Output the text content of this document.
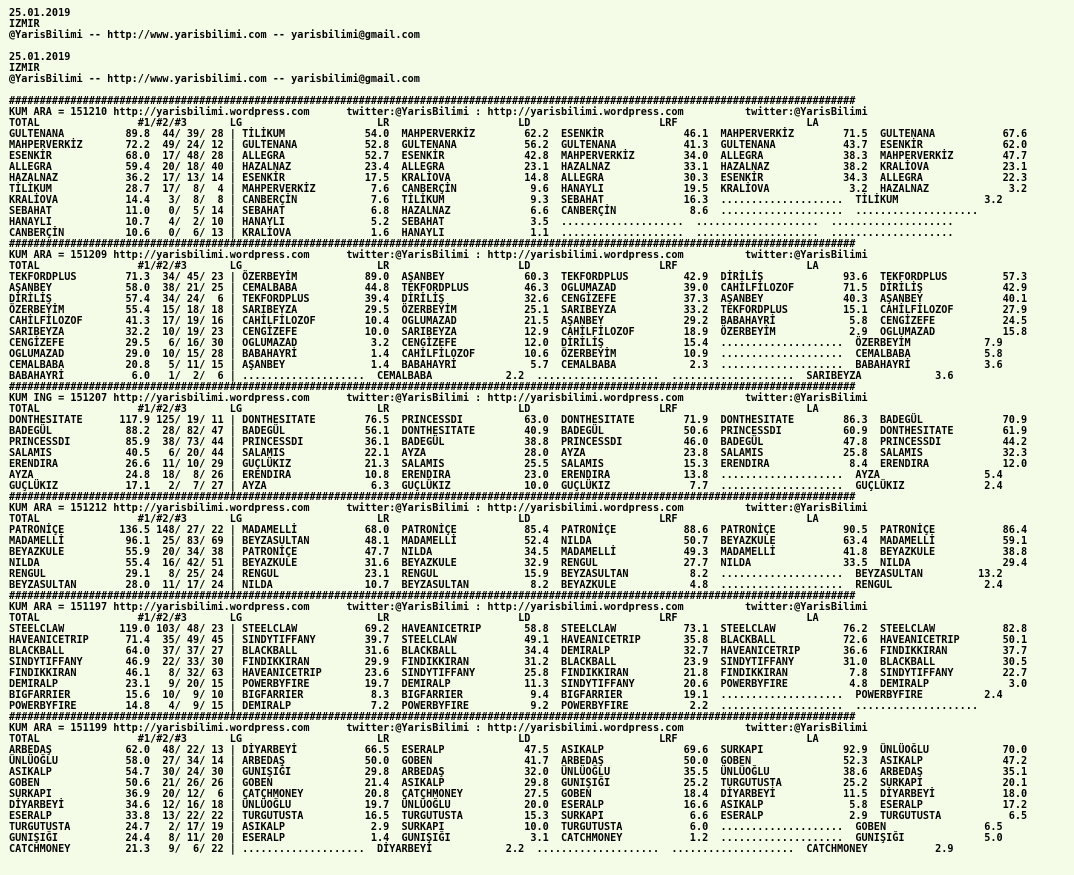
25.01.2019
IZMIR
@YarisBilimi -- http://www.yarisbilimi.com -- yarisbilimi@gmail.com

25.01.2019
IZMIR
@YarisBilimi -- http://www.yarisbilimi.com -- yarisbilimi@gmail.com

##########################################################################################################################################
KUM ARA = 151210 http://yarisbilimi.wordpress.com      twitter:@YarisBilimi : http://yarisbilimi.wordpress.com          twitter:@YarisBilimi
TOTAL                #1/#2/#3       LG                      LR                     LD                     LRF                     LA
GULTENANA          89.8  44/ 39/ 28 | TİLİKUM             54.0  MAHPERVERKİZ        62.2  ESENKİR             46.1  MAHPERVERKİZ        71.5  GULTENANA           67.6
MAHPERVERKİZ       72.2  49/ 24/ 12 | GULTENANA           52.8  GULTENANA           56.2  GULTENANA           41.3  GULTENANA           43.7  ESENKİR             62.0
ESENKİR            68.0  17/ 48/ 28 | ALLEGRA             52.7  ESENKİR             42.8  MAHPERVERKİZ        34.0  ALLEGRA             38.3  MAHPERVERKİZ        47.7
ALLEGRA            59.4  20/ 18/ 40 | HAZALNAZ            23.4  ALLEGRA             23.1  HAZALNAZ            33.1  HAZALNAZ            38.2  KRALİOVA            23.1
HAZALNAZ           36.2  17/ 13/ 14 | ESENKİR             17.5  KRALİOVA            14.8  ALLEGRA             30.3  ESENKİR             34.3  ALLEGRA             22.3
TİLİKUM            28.7  17/  8/  4 | MAHPERVERKİZ         7.6  CANBERÇİN            9.6  HANAYLI             19.5  KRALİOVA             3.2  HAZALNAZ             3.2
KRALİOVA           14.4   3/  8/  8 | CANBERÇİN            7.6  TİLİKUM              9.3  SEBAHAT             16.3  ....................  TİLİKUM              3.2
SEBAHAT            11.0   0/  5/ 14 | SEBAHAT              6.8  HAZALNAZ             6.6  CANBERÇİN            8.6  ....................  ....................
HANAYLI            10.7   4/  2/ 10 | HANAYLI              5.2  SEBAHAT              3.5  ....................  ....................  ....................
CANBERÇİN          10.6   0/  6/ 13 | KRALİOVA             1.6  HANAYLI              1.1  ....................  ....................  ....................
##########################################################################################################################################
KUM ARA = 151209 http://yarisbilimi.wordpress.com      twitter:@YarisBilimi : http://yarisbilimi.wordpress.com          twitter:@YarisBilimi
TOTAL                #1/#2/#3       LG                      LR                     LD                     LRF                     LA
TEKFORDPLUS        71.3  34/ 45/ 23 | ÖZERBEYİM           89.0  AŞANBEY             60.3  TEKFORDPLUS         42.9  DİRİLİŞ             93.6  TEKFORDPLUS         57.3
AŞANBEY            58.0  38/ 21/ 25 | CEMALBABA           44.8  TEKFORDPLUS         46.3  OGLUMAZAD           39.0  CAHİLFİLOZOF        71.5  DİRİLİŞ             42.9
DİRİLİŞ            57.4  34/ 24/  6 | TEKFORDPLUS         39.4  DİRİLİŞ             32.6  CENGİZEFE           37.3  AŞANBEY             40.3  AŞANBEY             40.1
ÖZERBEYİM          55.4  15/ 18/ 18 | SARIBEYZA           29.5  ÖZERBEYİM           25.1  SARIBEYZA           33.2  TEKFORDPLUS         15.1  CAHİLFİLOZOF        27.9
CAHİLFİLOZOF       41.3  17/ 19/ 16 | CAHİLFİLOZOF        10.4  OGLUMAZAD           21.5  AŞANBEY             29.2  BABAHAYRİ            5.8  CENGİZEFE           24.5
SARIBEYZA          32.2  10/ 19/ 23 | CENGİZEFE           10.0  SARIBEYZA           12.9  CAHİLFİLOZOF        18.9  ÖZERBEYİM            2.9  OGLUMAZAD           15.8
CENGİZEFE          29.5   6/ 16/ 30 | OGLUMAZAD            3.2  CENGİZEFE           12.0  DİRİLİŞ             15.4  ....................  ÖZERBEYİM            7.9
OGLUMAZAD          29.0  10/ 15/ 28 | BABAHAYRİ            1.4  CAHİLFİLOZOF        10.6  ÖZERBEYİM           10.9  ....................  CEMALBABA            5.8
CEMALBABA          20.8   5/ 11/ 15 | AŞANBEY              1.4  BABAHAYRİ            5.7  CEMALBABA            2.3  ....................  BABAHAYRİ            3.6
BABAHAYRİ           6.0   1/  2/  6 | ....................  CEMALBABA            2.2  ....................  ....................  SARIBEYZA            3.6
##########################################################################################################################################
KUM ING = 151207 http://yarisbilimi.wordpress.com      twitter:@YarisBilimi : http://yarisbilimi.wordpress.com          twitter:@YarisBilimi
TOTAL                #1/#2/#3       LG                      LR                     LD                     LRF                     LA
DONTHESITATE      117.9 125/ 19/ 11 | DONTHESITATE        76.5  PRINCESSDI          63.0  DONTHESITATE        71.9  DONTHESITATE        86.3  BADEGÜL             70.9
BADEGÜL            88.2  28/ 82/ 47 | BADEGÜL             56.1  DONTHESITATE        40.9  BADEGÜL             50.6  PRINCESSDI          60.9  DONTHESITATE        61.9
PRINCESSDI         85.9  38/ 73/ 44 | PRINCESSDI          36.1  BADEGÜL             38.8  PRINCESSDI          46.0  BADEGÜL             47.8  PRINCESSDI          44.2
SALAMIS            40.5   6/ 20/ 44 | SALAMIS             22.1  AYZA                28.0  AYZA                23.8  SALAMIS             25.8  SALAMIS             32.3
ERENDIRA           26.6  11/ 10/ 29 | GUÇLÜKIZ            21.3  SALAMIS             25.5  SALAMIS             15.3  ERENDIRA             8.4  ERENDIRA            12.0
AYZA               24.8  18/  8/ 26 | ERENDIRA            10.8  ERENDIRA            23.0  ERENDIRA            13.8  ....................  AYZA                 5.4
GUÇLÜKIZ           17.1   2/  7/ 27 | AYZA                 6.3  GUÇLÜKIZ            10.0  GUÇLÜKIZ             7.7  ....................  GUÇLÜKIZ             2.4
##########################################################################################################################################
KUM ARA = 151212 http://yarisbilimi.wordpress.com      twitter:@YarisBilimi : http://yarisbilimi.wordpress.com          twitter:@YarisBilimi
TOTAL                #1/#2/#3       LG                      LR                     LD                     LRF                     LA
PATRONİÇE         136.5 148/ 27/ 22 | MADAMELLİ           68.0  PATRONİÇE           85.4  PATRONİÇE           88.6  PATRONİÇE           90.5  PATRONİÇE           86.4
MADAMELLİ          96.1  25/ 83/ 69 | BEYZASULTAN         48.1  MADAMELLİ           52.4  NILDA               50.7  BEYAZKULE           63.4  MADAMELLİ           59.1
BEYAZKULE          55.9  20/ 34/ 38 | PATRONİÇE           47.7  NILDA               34.5  MADAMELLİ           49.3  MADAMELLİ           41.8  BEYAZKULE           38.8
NILDA              55.4  16/ 42/ 51 | BEYAZKULE           31.6  BEYAZKULE           32.9  RENGUL              27.7  NILDA               33.5  NILDA               29.4
RENGUL             29.1   8/ 25/ 24 | RENGUL              23.1  RENGUL              15.9  BEYZASULTAN          8.2  ....................  BEYZASULTAN         13.2
BEYZASULTAN        28.0  11/ 17/ 24 | NILDA               10.7  BEYZASULTAN          8.2  BEYAZKULE            4.8  ....................  RENGUL               2.4
##########################################################################################################################################
KUM ARA = 151197 http://yarisbilimi.wordpress.com      twitter:@YarisBilimi : http://yarisbilimi.wordpress.com          twitter:@YarisBilimi
TOTAL                #1/#2/#3       LG                      LR                     LD                     LRF                     LA
STEELCLAW         119.0 103/ 48/ 23 | STEELCLAW           69.2  HAVEANICETRIP       58.8  STEELCLAW           73.1  STEELCLAW           76.2  STEELCLAW           82.8
HAVEANICETRIP      71.4  35/ 49/ 45 | SINDYTIFFANY        39.7  STEELCLAW           49.1  HAVEANICETRIP       35.8  BLACKBALL           72.6  HAVEANICETRIP       50.1
BLACKBALL          64.0  37/ 37/ 27 | BLACKBALL           31.6  BLACKBALL           34.4  DEMIRALP            32.7  HAVEANICETRIP       36.6  FINDIKKIRAN         37.7
SINDYTIFFANY       46.9  22/ 33/ 30 | FINDIKKIRAN         29.9  FINDIKKIRAN         31.2  BLACKBALL           23.9  SINDYTIFFANY        31.0  BLACKBALL           30.5
FINDIKKIRAN        46.1   8/ 32/ 63 | HAVEANICETRIP       23.6  SINDYTIFFANY        25.8  FINDIKKIRAN         21.8  FINDIKKIRAN          7.8  SINDYTIFFANY        22.7
DEMIRALP           23.1   9/ 20/ 15 | POWERBYFIRE         19.7  DEMIRALP            11.3  SINDYTIFFANY        20.6  POWERBYFIRE          4.8  DEMIRALP             3.0
BIGFARRIER         15.6  10/  9/ 10 | BIGFARRIER           8.3  BIGFARRIER           9.4  BIGFARRIER          19.1  ....................  POWERBYFIRE          2.4
POWERBYFIRE        14.8   4/  9/ 15 | DEMIRALP             7.2  POWERBYFIRE          9.2  POWERBYFIRE          2.2  ....................  ....................
##########################################################################################################################################
KUM ARA = 151199 http://yarisbilimi.wordpress.com      twitter:@YarisBilimi : http://yarisbilimi.wordpress.com          twitter:@YarisBilimi
TOTAL                #1/#2/#3       LG                      LR                     LD                     LRF                     LA
ARBEDAŞ            62.0  48/ 22/ 13 | DİYARBEYİ           66.5  ESERALP             47.5  ASIKALP             69.6  SURKAPI             92.9  ÜNLÜOĞLU            70.0
ÜNLÜOĞLU           58.0  27/ 34/ 14 | ARBEDAŞ             50.0  GOBEN               41.7  ARBEDAŞ             50.0  GOBEN               52.3  ASIKALP             47.2
ASIKALP            54.7  30/ 24/ 30 | GUNIŞIĞI            29.8  ARBEDAŞ             32.0  ÜNLÜOĞLU            35.5  ÜNLÜOĞLU            38.6  ARBEDAŞ             35.1
GOBEN              50.6  21/ 26/ 26 | GOBEN               21.4  ASIKALP             29.8  GUNIŞIĞI            25.2  TURGUTUSTA          25.2  SURKAPI             20.1
SURKAPI            36.9  20/ 12/  6 | ÇATÇHMONEY          20.8  ÇATÇHMONEY          27.5  GOBEN               18.4  DİYARBEYİ           11.5  DİYARBEYİ           18.0
DİYARBEYİ          34.6  12/ 16/ 18 | ÜNLÜOĞLU            19.7  ÜNLÜOĞLU            20.0  ESERALP             16.6  ASIKALP              5.8  ESERALP             17.2
ESERALP            33.8  13/ 22/ 22 | TURGUTUSTA          16.5  TURGUTUSTA          15.3  SURKAPI              6.6  ESERALP              2.9  TURGUTUSTA           6.5
TURGUTUSTA         24.7   2/ 17/ 19 | ASIKALP              2.9  SURKAPI             10.0  TURGUTUSTA           6.0  ....................  GOBEN                6.5
GUNIŞIĞI           24.4   8/ 11/ 20 | ESERALP              1.4  GUNIŞIĞI             3.1  CATCHMONEY           1.2  ....................  GUNIŞIĞI             5.0
CATCHMONEY         21.3   9/  6/ 22 | ....................  DİYARBEYİ            2.2  ....................  ....................  CATCHMONEY           2.9
